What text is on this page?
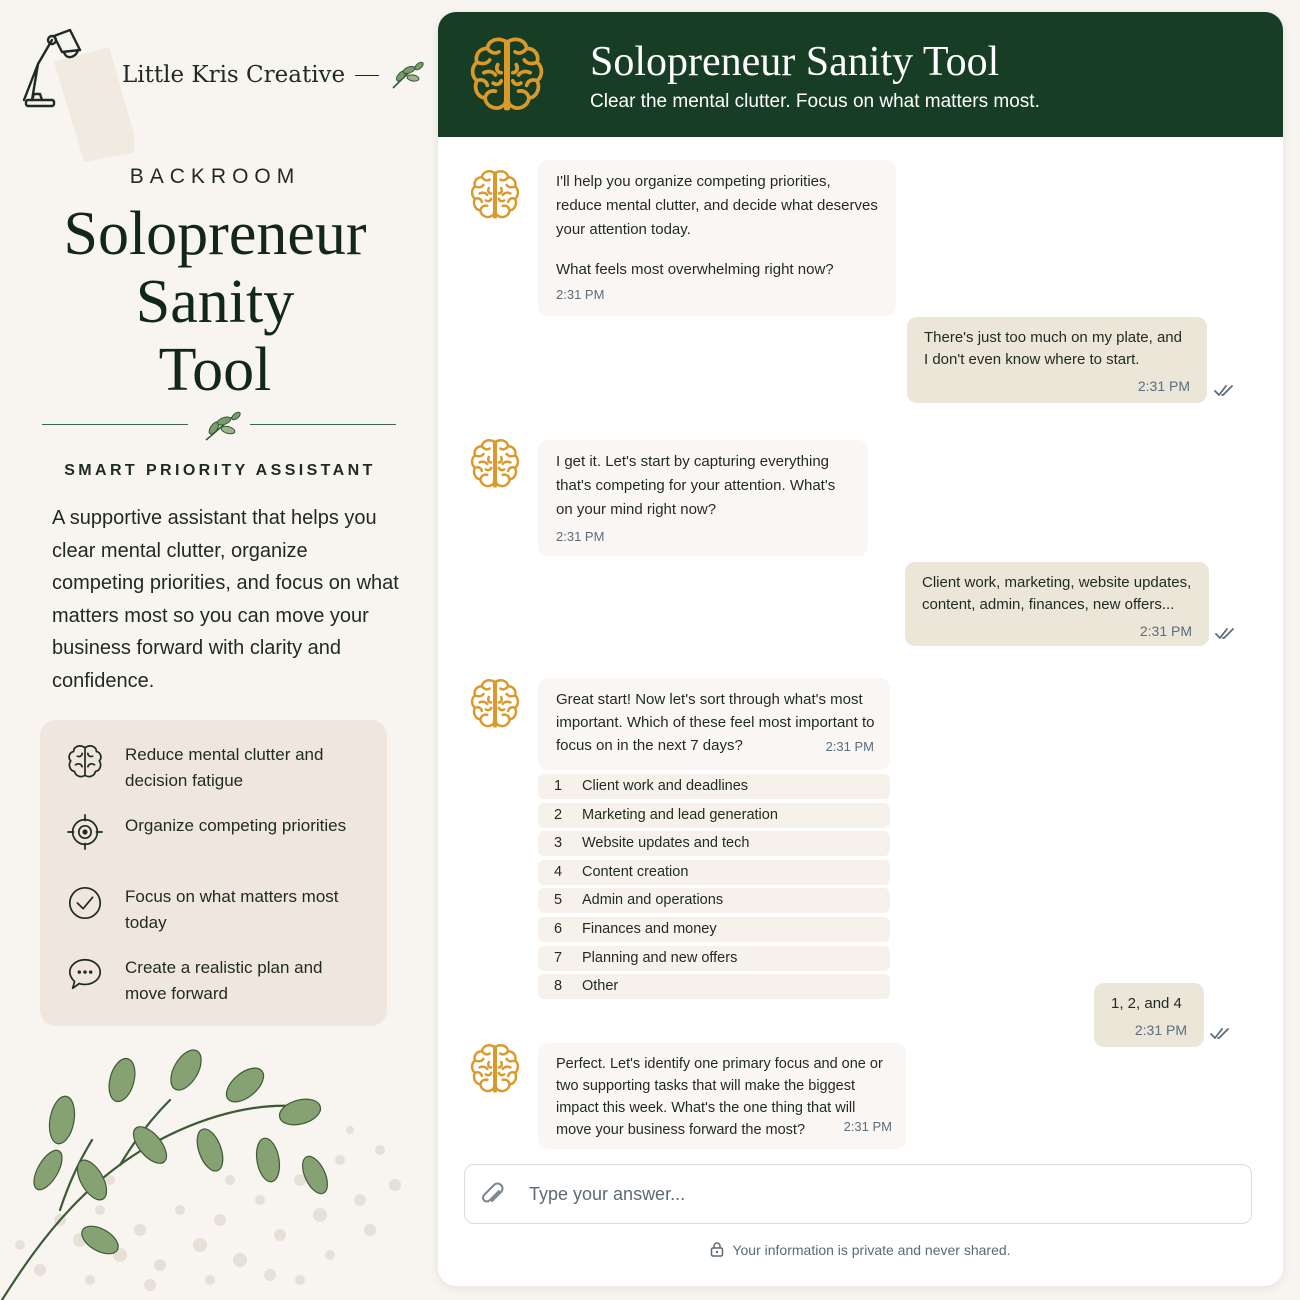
Little Kris Creative
BACKROOM
Solopreneur
Sanity
Tool
SMART PRIORITY ASSISTANT
A supportive assistant that helps you clear mental clutter, organize competing priorities, and focus on what matters most so you can move your business forward with clarity and confidence.
Reduce mental clutter and decision fatigue
Organize competing priorities
Focus on what matters most today
Create a realistic plan and move forward
Solopreneur Sanity Tool
Clear the mental clutter. Focus on what matters most.
I'll help you organize competing priorities, reduce mental clutter, and decide what deserves your attention today.
What feels most overwhelming right now?
2:31 PM
There's just too much on my plate, and I don't even know where to start.
2:31 PM
I get it. Let's start by capturing everything that's competing for your attention. What's on your mind right now?
2:31 PM
Client work, marketing, website updates, content, admin, finances, new offers...
2:31 PM
Great start! Now let's sort through what's most important. Which of these feel most important to focus on in the next 7 days?	2:31 PM
1 Client work and deadlines
2 Marketing and lead generation
3 Website updates and tech
4 Content creation
5 Admin and operations
6 Finances and money
7 Planning and new offers
8 Other
1, 2, and 4
2:31 PM
Perfect. Let's identify one primary focus and one or two supporting tasks that will make the biggest impact this week. What's the one thing that will move your business forward the most?	2:31 PM
Type your answer...
Your information is private and never shared.
